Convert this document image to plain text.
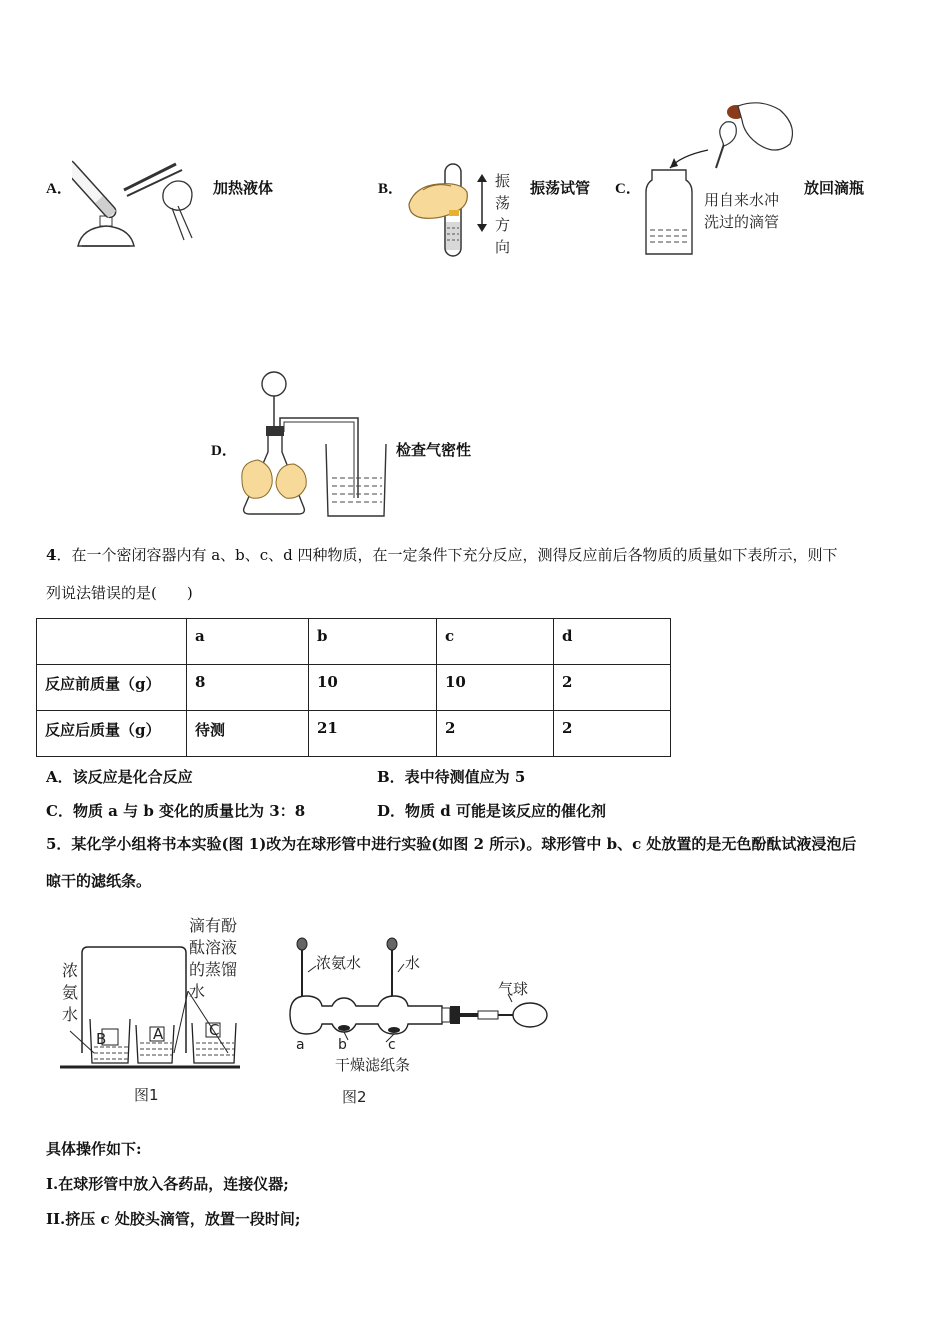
A．	加热液体	B．	振
荡
方
向
振荡试管 C．
用自来水冲
洗过的滴管
放回滴瓶
D．	检查气密性
4．在一个密闭容器内有 a、b、c、d 四种物质，在一定条件下充分反应，测得反应前后各物质的质量如下表所示，则下
列说法错误的是(　　)
	a	b	c	d
反应前质量（g）	8	10	10	2
反应后质量（g）	待测	21	2	2
A．该反应是化合反应	B．表中待测值应为 5
C．物质 a 与 b 变化的质量比为 3：8	D．物质 d 可能是该反应的催化剂
5．某化学小组将书本实验(图 1)改为在球形管中进行实验(如图 2 所示)。球形管中 b、c 处放置的是无色酚酞试液浸泡后
晾干的滤纸条。
B	A	C
浓
氨
水
滴有酚
酞溶液
的蒸馏
水
图1
浓氨水	水
气球
a b	c
干燥滤纸条
图2
具体操作如下:
I.在球形管中放入各药品，连接仪器;
II.挤压 c 处胶头滴管，放置一段时间;
